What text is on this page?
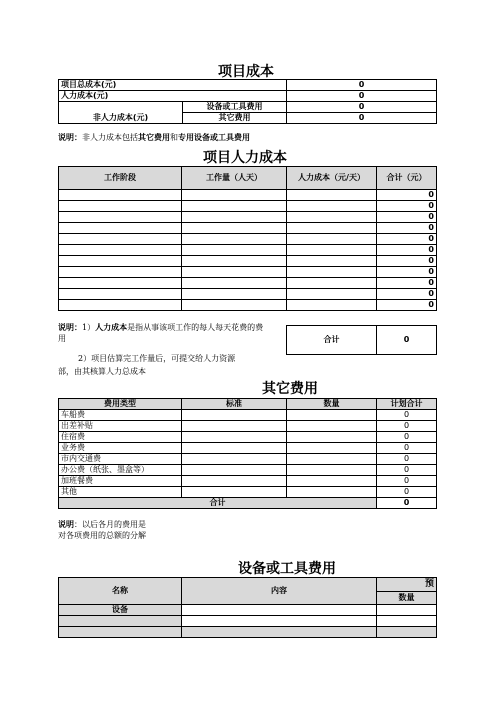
项目成本
项目总成本(元)		0
人力成本(元)		0
	设备或工具费用	0
非人力成本(元)	其它费用	0
说明：非人力成本包括其它费用和专用设备或工具费用
项目人力成本
工作阶段	工作量（人天）	人力成本（元/天）	合计（元）
			0
			0
			0
			0
			0
			0
			0
			0
			0
			0
			0
说明：1）人力成本是指从事该项工作的每人每天花费的费
用	合计	0
2）项目估算完工作量后，可提交给人力资源
部，由其核算人力总成本
其它费用
费用类型	标准	数量	计划合计
车船费			0
出差补贴			0
住宿费			0
业务费			0
市内交通费			0
办公费（纸张、墨盒等）			0
加班餐费			0
其他			0
合计			0
说明：以后各月的费用是
对各项费用的总额的分解
设备或工具费用
名称	内容	预
		数量
设备		
